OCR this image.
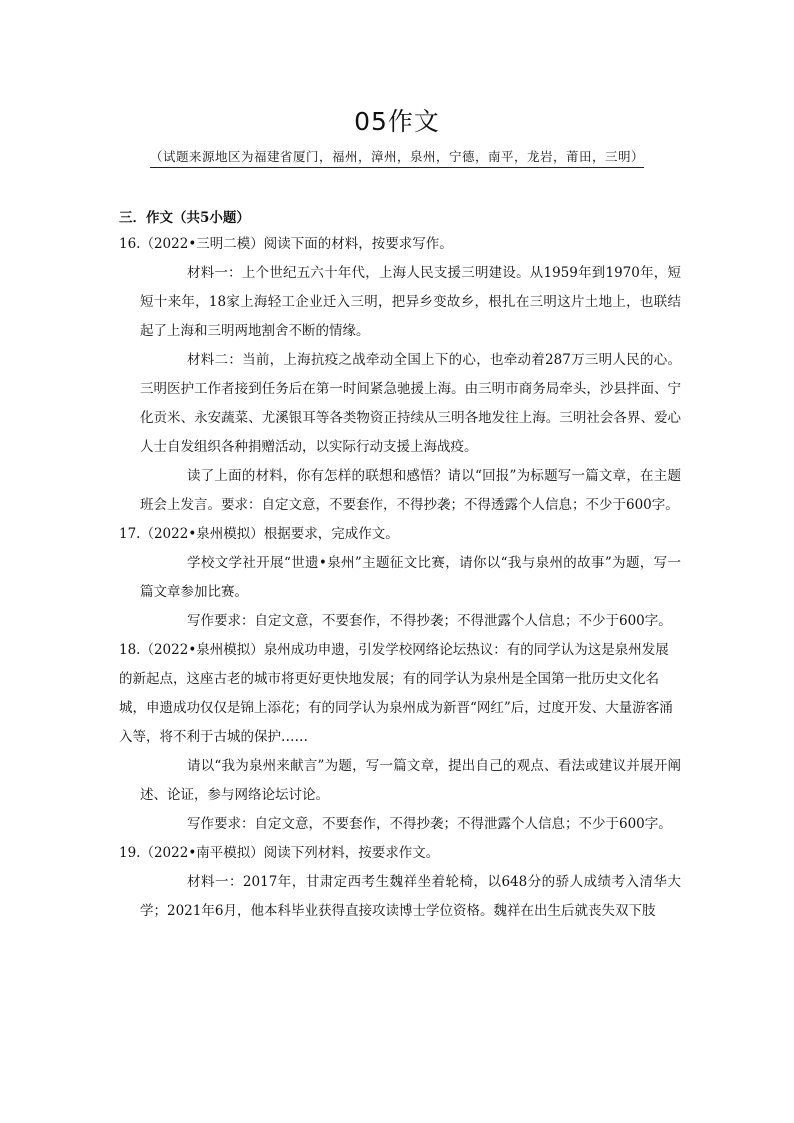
05作文
（试题来源地区为福建省厦门，福州，漳州，泉州，宁德，南平，龙岩，莆田，三明）
三．作文（共5小题）

16.（2022•三明二模）阅读下面的材料，按要求写作。

材料一：上个世纪五六十年代，上海人民支援三明建设。从1959年到1970年，短短十来年，18家上海轻工企业迁入三明，把异乡变故乡，根扎在三明这片土地上，也联结起了上海和三明两地割舍不断的情缘。

材料二：当前，上海抗疫之战牵动全国上下的心，也牵动着287万三明人民的心。三明医护工作者接到任务后在第一时间紧急驰援上海。由三明市商务局牵头，沙县拌面、宁化贡米、永安蔬菜、尤溪银耳等各类物资正持续从三明各地发往上海。三明社会各界、爱心人士自发组织各种捐赠活动，以实际行动支援上海战疫。

读了上面的材料，你有怎样的联想和感悟？请以“回报”为标题写一篇文章，在主题班会上发言。要求：自定文意，不要套作，不得抄袭；不得透露个人信息；不少于600字。

17.（2022•泉州模拟）根据要求，完成作文。

学校文学社开展“世遗•泉州”主题征文比赛，请你以“我与泉州的故事”为题，写一篇文章参加比赛。

写作要求：自定文意，不要套作，不得抄袭；不得泄露个人信息；不少于600字。

18.（2022•泉州模拟）泉州成功申遗，引发学校网络论坛热议：有的同学认为这是泉州发展的新起点，这座古老的城市将更好更快地发展；有的同学认为泉州是全国第一批历史文化名城，申遗成功仅仅是锦上添花；有的同学认为泉州成为新晋“网红”后，过度开发、大量游客涌入等，将不利于古城的保护……

请以“我为泉州来献言”为题，写一篇文章，提出自己的观点、看法或建议并展开阐述、论证，参与网络论坛讨论。

写作要求：自定文意，不要套作，不得抄袭；不得泄露个人信息；不少于600字。

19.（2022•南平模拟）阅读下列材料，按要求作文。

材料一：2017年，甘肃定西考生魏祥坐着轮椅，以648分的骄人成绩考入清华大学；2021年6月，他本科毕业获得直接攻读博士学位资格。魏祥在出生后就丧失双下肢
